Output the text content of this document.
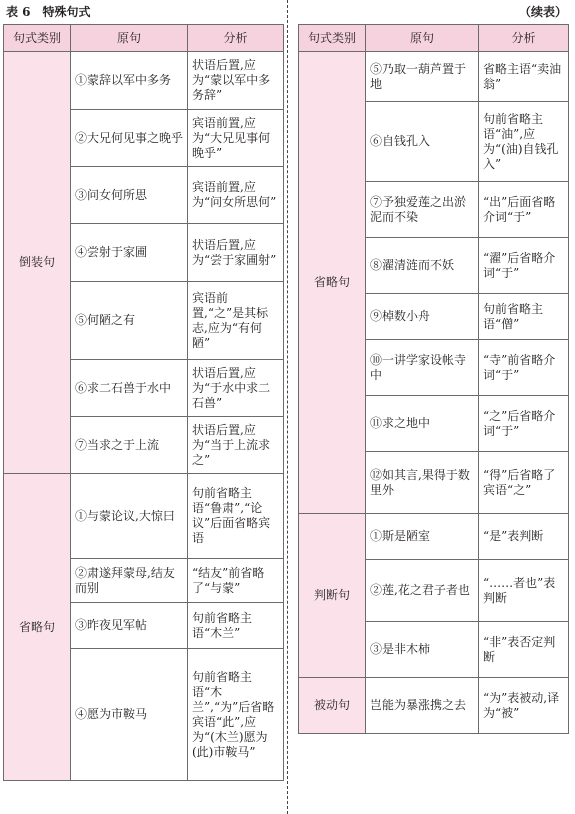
表 6　特殊句式	（续表）
句式类别	原句	分析
倒装句	①蒙辞以军中多务	状语后置,应为“蒙以军中多务辞”
	②大兄何见事之晚乎	宾语前置,应为“大兄见事何晚乎”
	③问女何所思	宾语前置,应为“问女所思何”
	④尝射于家圃	状语后置,应为“尝于家圃射”
	⑤何陋之有	宾语前置,“之”是其标志,应为“有何陋”
	⑥求二石兽于水中	状语后置,应为“于水中求二石兽”
	⑦当求之于上流	状语后置,应为“当于上流求之”
省略句	①与蒙论议,大惊曰	句前省略主语“鲁肃”,“论议”后面省略宾语
	②肃遂拜蒙母,结友而别	“结友”前省略了“与蒙”
	③昨夜见军帖	句前省略主语“木兰”
	④愿为市鞍马	句前省略主语“木兰”,“为”后省略宾语“此”,应为“(木兰)愿为(此)市鞍马”
句式类别	原句	分析
省略句	⑤乃取一葫芦置于地	省略主语“卖油翁”
	⑥自钱孔入	句前省略主语“油”,应为“(油)自钱孔入”
	⑦予独爱莲之出淤泥而不染	“出”后面省略介词“于”
	⑧濯清涟而不妖	“濯”后省略介词“于”
	⑨棹数小舟	句前省略主语“僧”
	⑩一讲学家设帐寺中	“寺”前省略介词“于”
	⑪求之地中	“之”后省略介词“于”
	⑫如其言,果得于数里外	“得”后省略了宾语“之”
判断句	①斯是陋室	“是”表判断
	②莲,花之君子者也	“……者也”表判断
	③是非木柿	“非”表否定判断
被动句	岂能为暴涨携之去	“为”表被动,译为“被”
